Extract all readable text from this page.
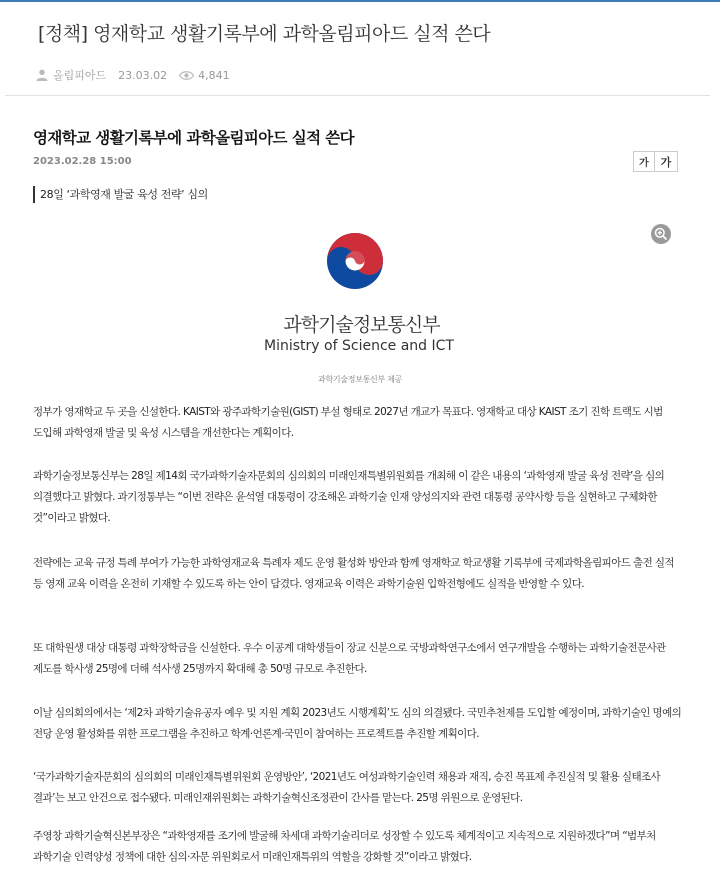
[정책] 영재학교 생활기록부에 과학올림피아드 실적 쓴다
올림피아드 23.03.02	4,841
영재학교 생활기록부에 과학올림피아드 실적 쓴다
2023.02.28 15:00	가	가
28일 ‘과학영재 발굴 육성 전략’ 심의
과학기술정보통신부
Ministry of Science and ICT
과학기술정보통신부 제공

정부가 영재학교 두 곳을 신설한다. KAIST와 광주과학기술원(GIST) 부설 형태로 2027년 개교가 목표다. 영재학교 대상 KAIST 조기 진학 트랙도 시범 도입해 과학영재 발굴 및 육성 시스템을 개선한다는 계획이다.

과학기술정보통신부는 28일 제14회 국가과학기술자문회의 심의회의 미래인재특별위원회를 개최해 이 같은 내용의 ‘과학영재 발굴 육성 전략’을 심의 의결했다고 밝혔다. 과기정통부는 “이번 전략은 윤석열 대통령이 강조해온 과학기술 인재 양성의지와 관련 대통령 공약사항 등을 실현하고 구체화한 것”이라고 밝혔다.

전략에는 교육 규정 특례 부여가 가능한 과학영재교육 특례자 제도 운영 활성화 방안과 함께 영재학교 학교생활 기록부에 국제과학올림피아드 출전 실적 등 영재 교육 이력을 온전히 기재할 수 있도록 하는 안이 담겼다. 영재교육 이력은 과학기술원 입학전형에도 실적을 반영할 수 있다.

또 대학원생 대상 대통령 과학장학금을 신설한다. 우수 이공계 대학생들이 장교 신분으로 국방과학연구소에서 연구개발을 수행하는 과학기술전문사관 제도를 학사생 25명에 더해 석사생 25명까지 확대해 총 50명 규모로 추진한다.

이날 심의회의에서는 ‘제2차 과학기술유공자 예우 및 지원 계획 2023년도 시행계획’도 심의 의결됐다. 국민추천제를 도입할 예정이며, 과학기술인 명예의 전당 운영 활성화를 위한 프로그램을 추진하고 학계·언론계·국민이 참여하는 프로젝트를 추진할 계획이다.

‘국가과학기술자문회의 심의회의 미래인재특별위원회 운영방안’, ‘2021년도 여성과학기술인력 채용과 재직, 승진 목표제 추진실적 및 활용 실태조사 결과’는 보고 안건으로 접수됐다. 미래인재위원회는 과학기술혁신조정관이 간사를 맡는다. 25명 위원으로 운영된다.

주영창 과학기술혁신본부장은 “과학영재를 조기에 발굴해 차세대 과학기술리더로 성장할 수 있도록 체계적이고 지속적으로 지원하겠다”며 “범부처 과학기술 인력양성 정책에 대한 심의·자문 위원회로서 미래인재특위의 역할을 강화할 것”이라고 밝혔다.
